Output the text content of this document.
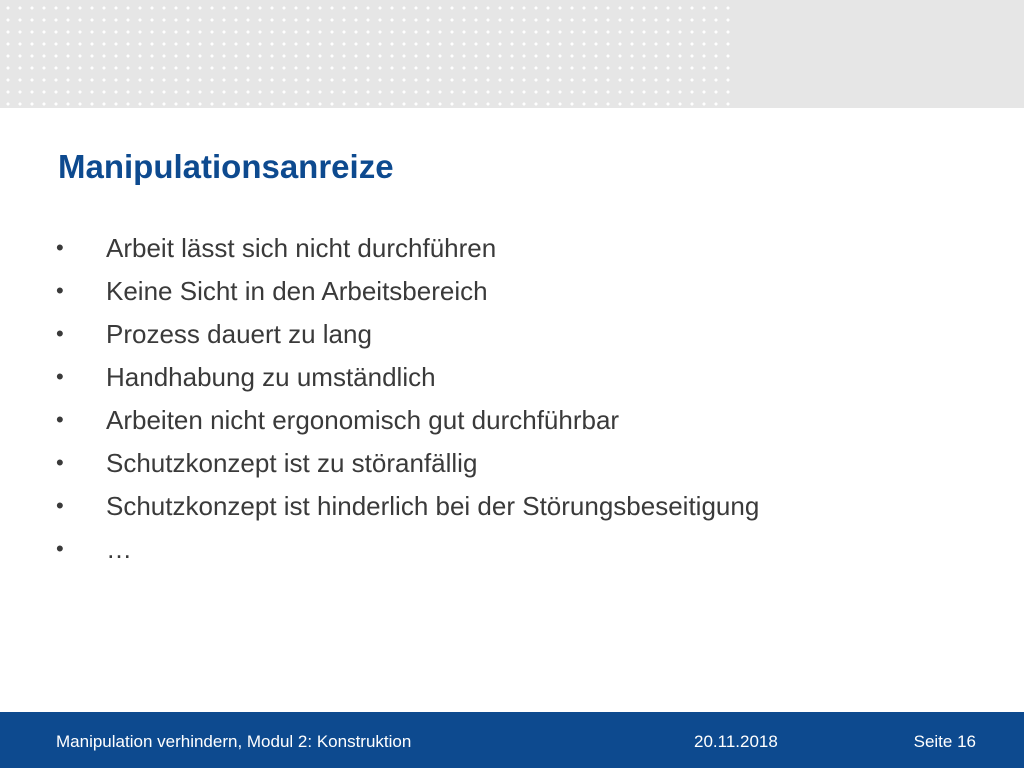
Manipulationsanreize
•	Arbeit lässt sich nicht durchführen
•	Keine Sicht in den Arbeitsbereich
•	Prozess dauert zu lang
•	Handhabung zu umständlich
•	Arbeiten nicht ergonomisch gut durchführbar
•	Schutzkonzept ist zu störanfällig
•	Schutzkonzept ist hinderlich bei der Störungsbeseitigung
•	…
Manipulation verhindern, Modul 2: Konstruktion	20.11.2018	Seite 16
